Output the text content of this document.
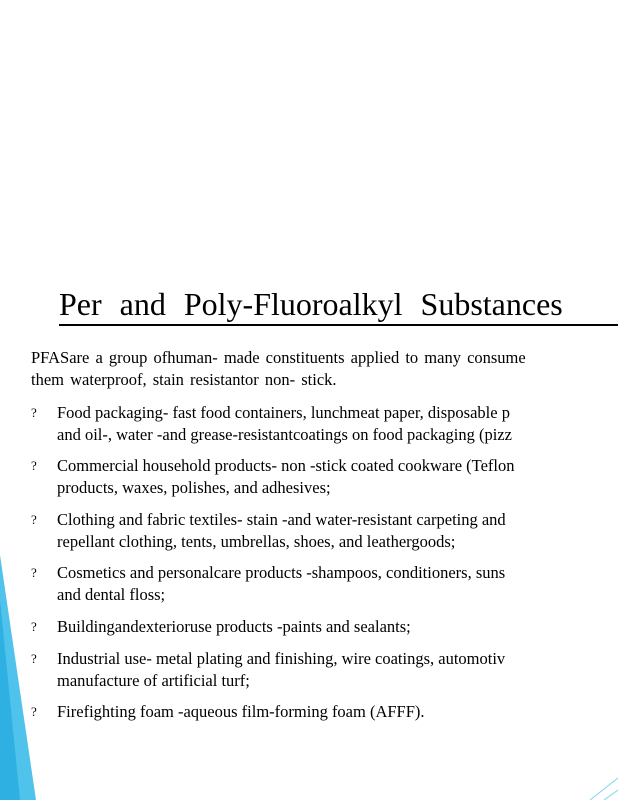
Per and Poly-Fluoroalkyl Substances
PFASare a group ofhuman- made constituents applied to many consume
them waterproof, stain resistantor non- stick.
? Food packaging- fast food containers, lunchmeat paper, disposable p
and oil-, water -and grease-resistantcoatings on food packaging (pizz
? Commercial household products- non -stick coated cookware (Teflon
products, waxes, polishes, and adhesives;
? Clothing and fabric textiles- stain -and water-resistant carpeting and
repellant clothing, tents, umbrellas, shoes, and leathergoods;
? Cosmetics and personalcare products -shampoos, conditioners, suns
and dental floss;
? Buildingandexterioruse products -paints and sealants;
? Industrial use- metal plating and finishing, wire coatings, automotiv
manufacture of artificial turf;
? Firefighting foam -aqueous film-forming foam (AFFF).
